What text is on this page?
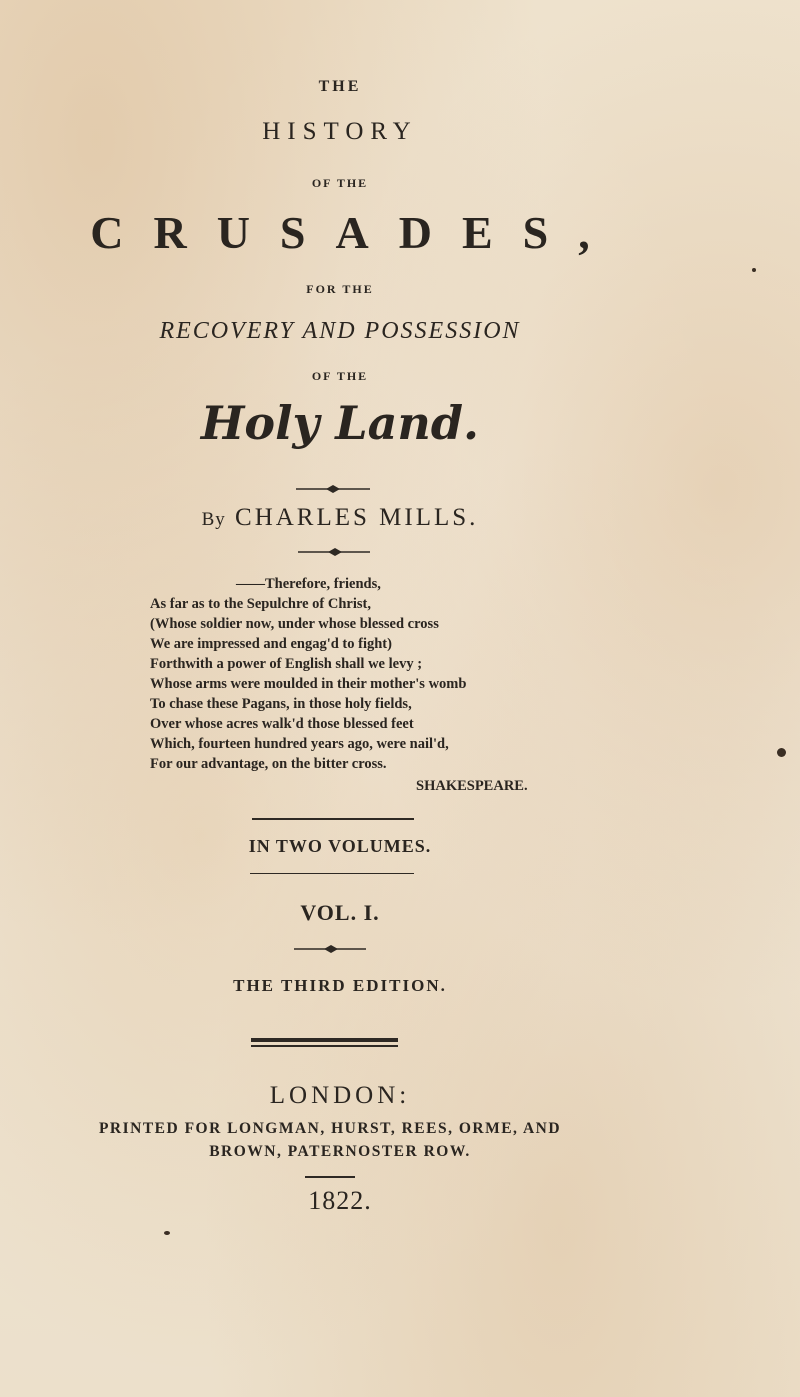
THE
HISTORY
OF THE
CRUSADES,
FOR THE
RECOVERY AND POSSESSION
OF THE
Holy Land.
By CHARLES MILLS.
——Therefore, friends,
As far as to the Sepulchre of Christ,
(Whose soldier now, under whose blessed cross
We are impressed and engag'd to fight)
Forthwith a power of English shall we levy ;
Whose arms were moulded in their mother's womb
To chase these Pagans, in those holy fields,
Over whose acres walk'd those blessed feet
Which, fourteen hundred years ago, were nail'd,
For our advantage, on the bitter cross.
SHAKESPEARE.
IN TWO VOLUMES.
VOL. I.
THE THIRD EDITION.
LONDON:
PRINTED FOR LONGMAN, HURST, REES, ORME, AND
BROWN, PATERNOSTER ROW.
1822.
